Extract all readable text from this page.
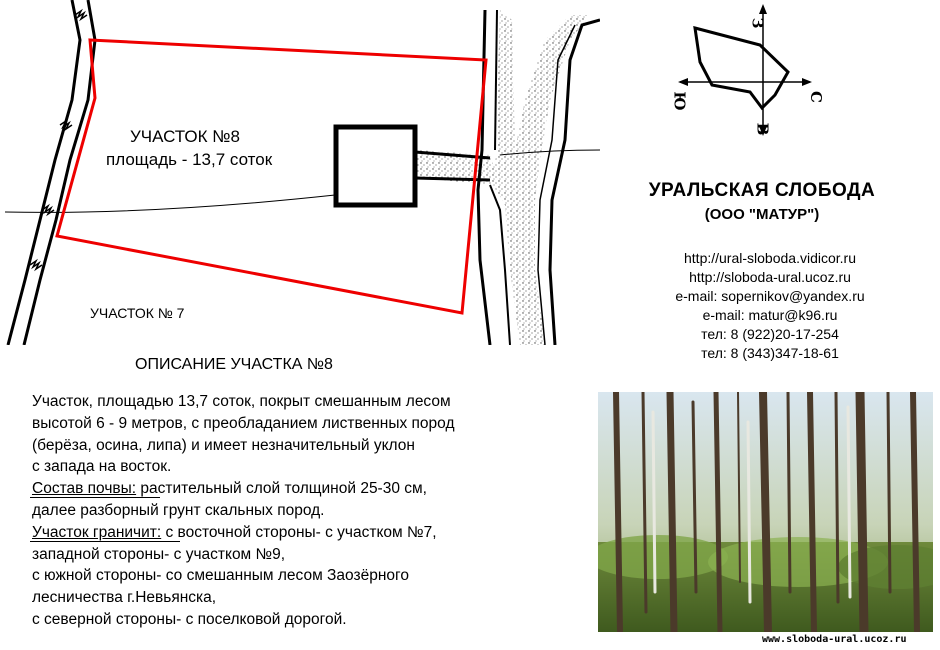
УЧАСТОК №8
площадь - 13,7 соток
УЧАСТОК № 7
З
В
С
Ю
УРАЛЬСКАЯ СЛОБОДА
(ООО "МАТУР")
http://ural-sloboda.vidicor.ru
http://sloboda-ural.ucoz.ru
e-mail: sopernikov@yandex.ru
e-mail: matur@k96.ru
тел: 8 (922)20-17-254
тел: 8 (343)347-18-61
ОПИСАНИЕ УЧАСТКА №8
Участок, площадью 13,7 соток, покрыт смешанным лесом
высотой 6 - 9 метров, с преобладанием лиственных пород
(берёза, осина, липа) и имеет незначительный уклон
с запада на восток.
Состав почвы: растительный слой толщиной 25-30 см,
далее разборный грунт скальных пород.
Участок граничит: с восточной стороны- с участком №7,
западной стороны- с участком №9,
с южной стороны- со смешанным лесом Заозёрного
лесничества г.Невьянска,
с северной стороны- с поселковой дорогой.
www.sloboda-ural.ucoz.ru
